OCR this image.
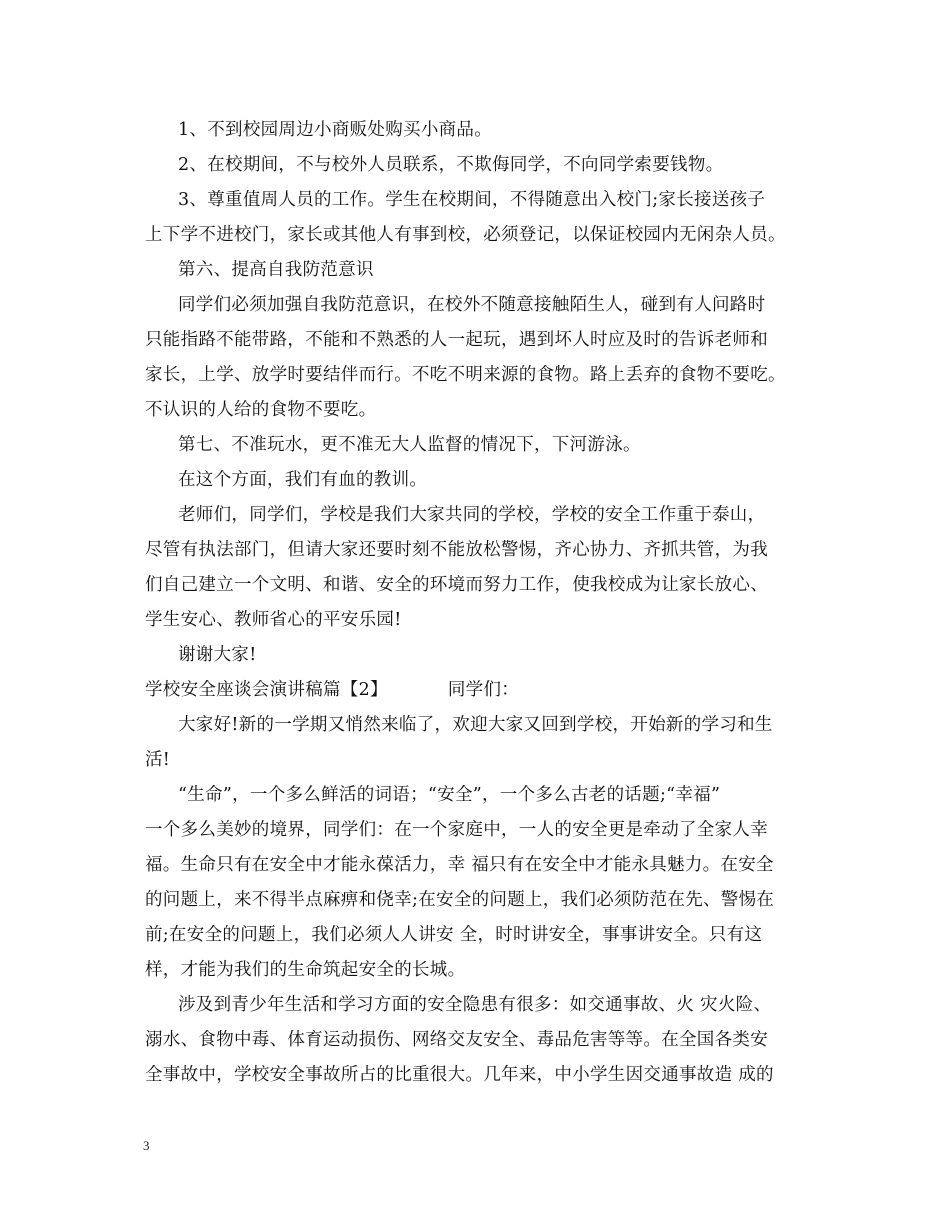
1、不到校园周边小商贩处购买小商品。
2、在校期间，不与校外人员联系，不欺侮同学，不向同学索要钱物。
3、尊重值周人员的工作。学生在校期间，不得随意出入校门;家长接送孩子
上下学不进校门，家长或其他人有事到校，必须登记，以保证校园内无闲杂人员。
第六、提高自我防范意识
同学们必须加强自我防范意识，在校外不随意接触陌生人，碰到有人问路时
只能指路不能带路，不能和不熟悉的人一起玩，遇到坏人时应及时的告诉老师和
家长，上学、放学时要结伴而行。不吃不明来源的食物。路上丢弃的食物不要吃。
不认识的人给的食物不要吃。
第七、不准玩水，更不准无大人监督的情况下，下河游泳。
在这个方面，我们有血的教训。
老师们，同学们，学校是我们大家共同的学校，学校的安全工作重于泰山，
尽管有执法部门，但请大家还要时刻不能放松警惕，齐心协力、齐抓共管，为我
们自己建立一个文明、和谐、安全的环境而努力工作，使我校成为让家长放心、
学生安心、教师省心的平安乐园!
谢谢大家!
学校安全座谈会演讲稿篇【2】	同学们：
大家好!新的一学期又悄然来临了，欢迎大家又回到学校，开始新的学习和生
活!
“生命”，一个多么鲜活的词语；“安全”，一个多么古老的话题;“幸福”
一个多么美妙的境界，同学们：在一个家庭中，一人的安全更是牵动了全家人幸
福。生命只有在安全中才能永葆活力，幸 福只有在安全中才能永具魅力。在安全
的问题上，来不得半点麻痹和侥幸;在安全的问题上，我们必须防范在先、警惕在
前;在安全的问题上，我们必须人人讲安 全，时时讲安全，事事讲安全。只有这
样，才能为我们的生命筑起安全的长城。
涉及到青少年生活和学习方面的安全隐患有很多：如交通事故、火 灾火险、
溺水、食物中毒、体育运动损伤、网络交友安全、毒品危害等等。在全国各类安
全事故中，学校安全事故所占的比重很大。几年来，中小学生因交通事故造 成的
3
